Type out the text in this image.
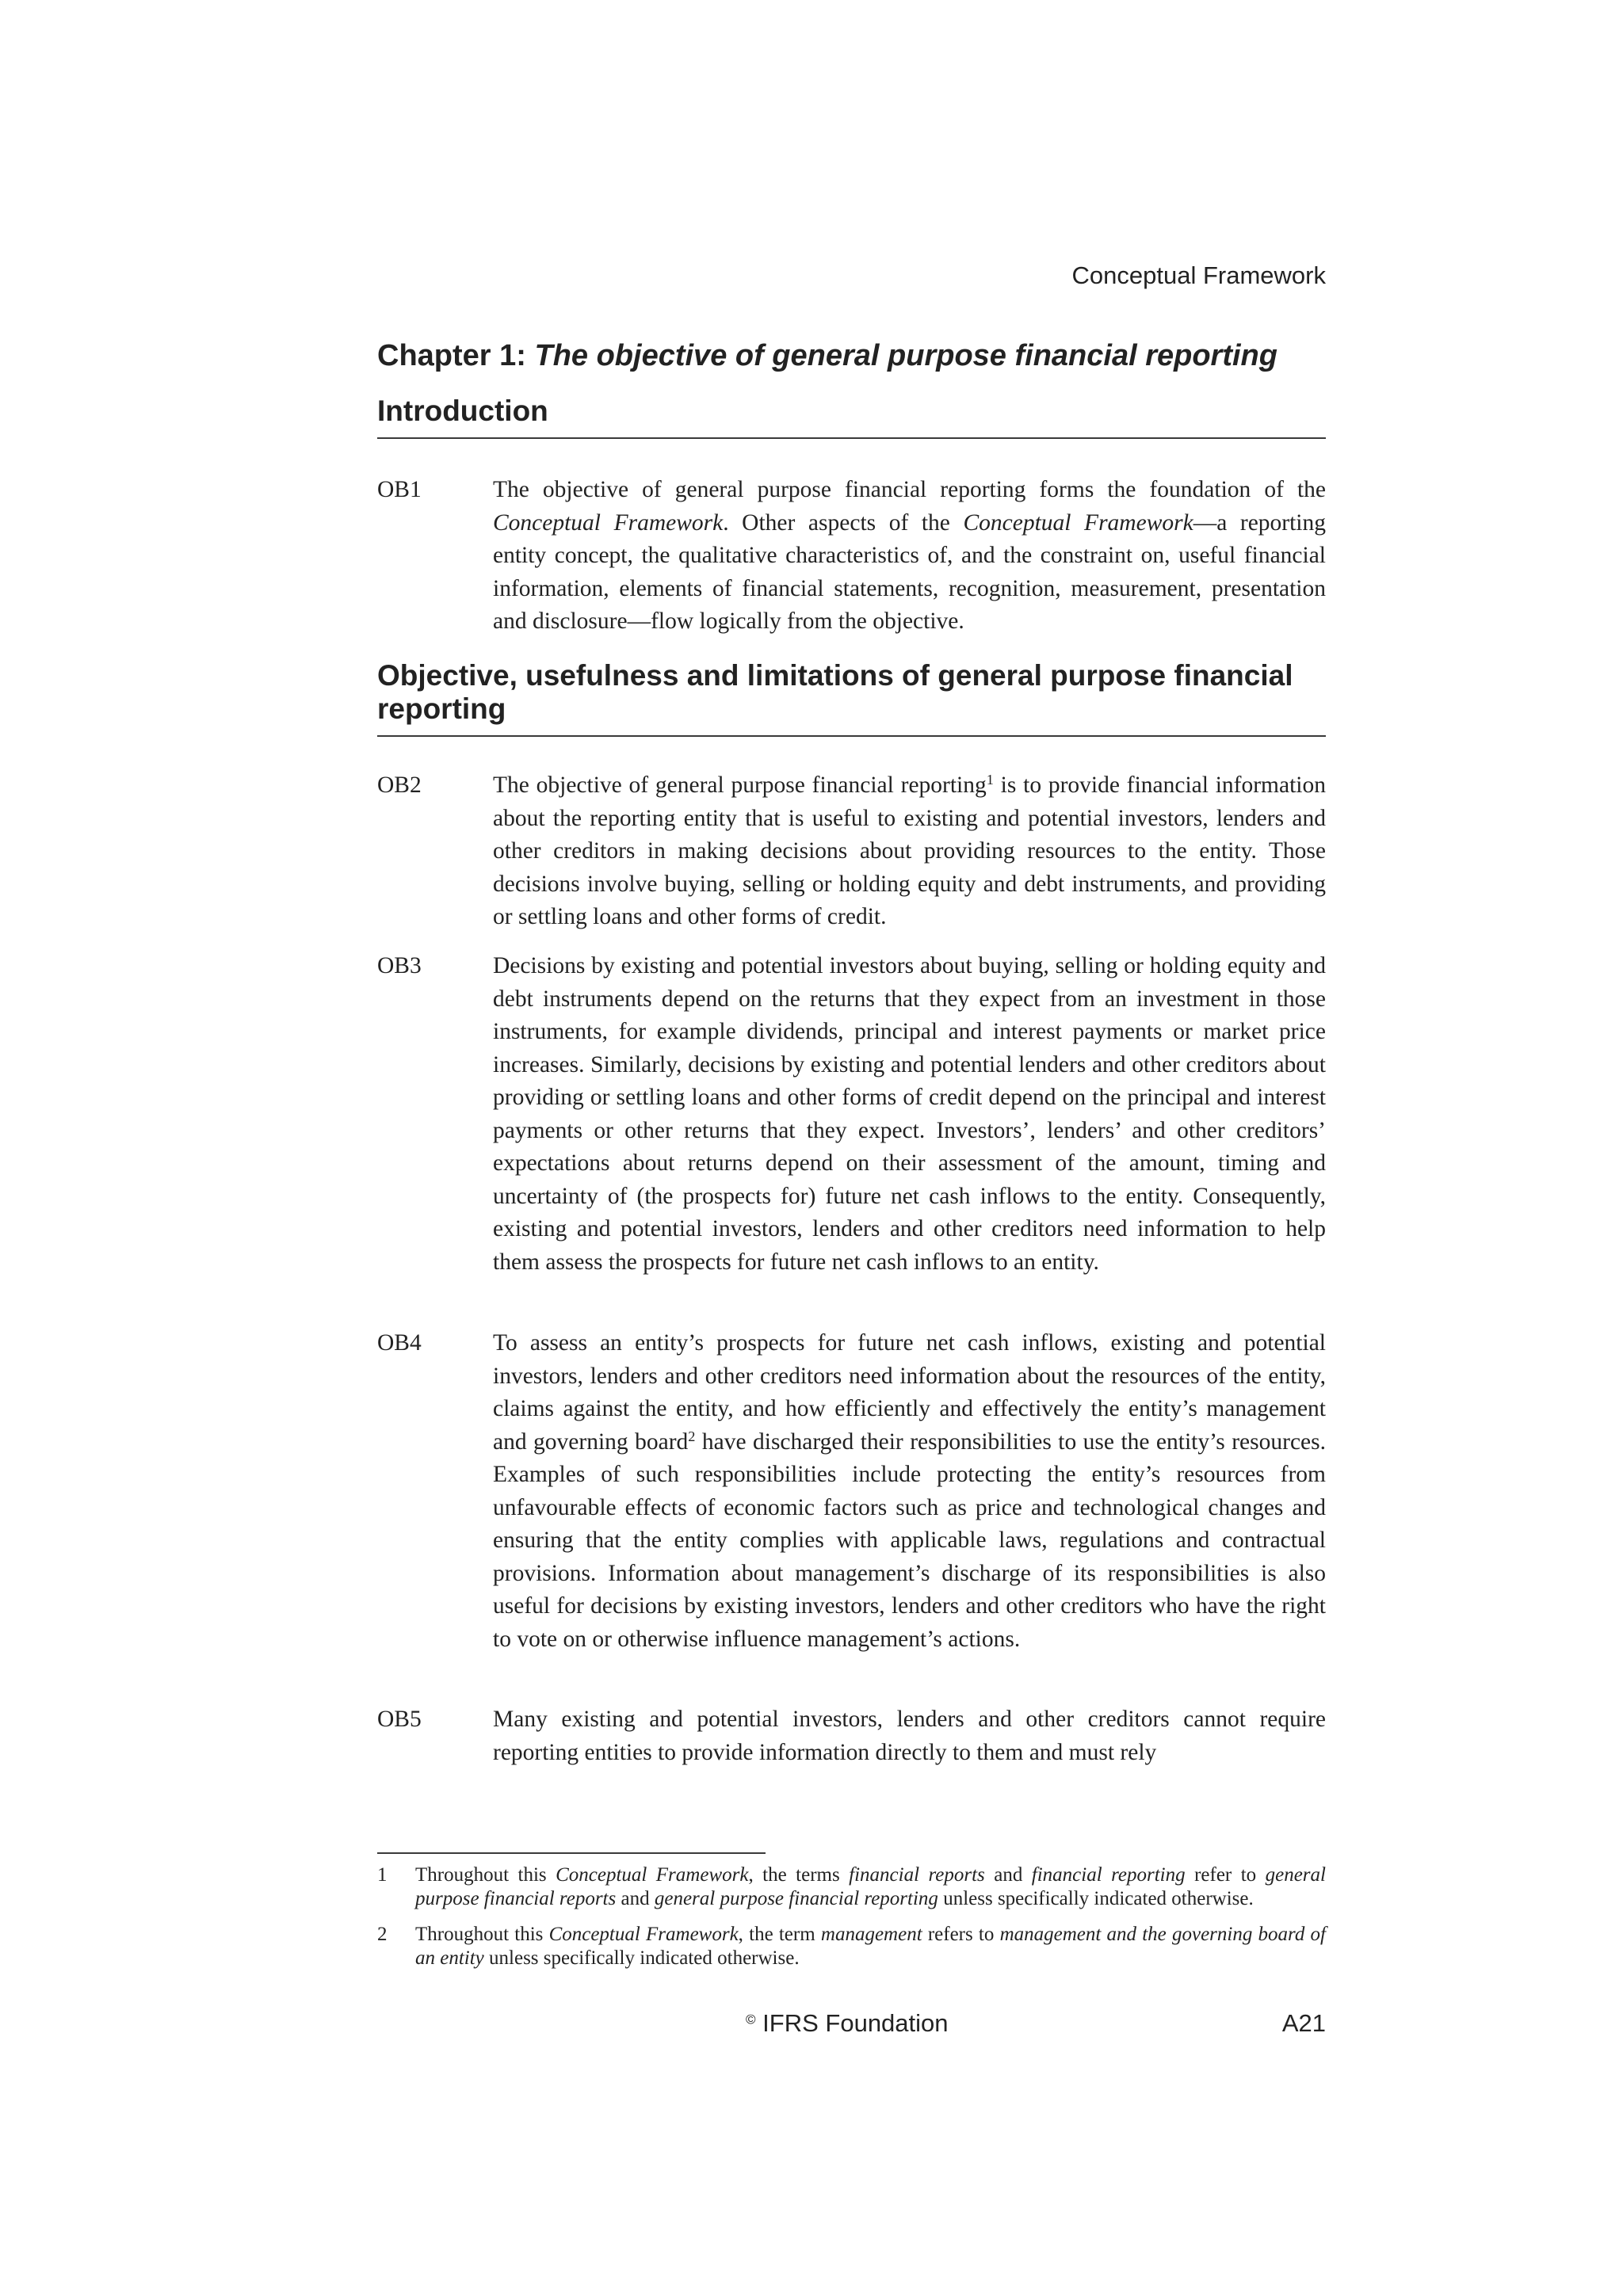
Conceptual Framework
Chapter 1: The objective of general purpose financial reporting
Introduction
OB1	The objective of general purpose financial reporting forms the foundation of the Conceptual Framework. Other aspects of the Conceptual Framework—a reporting entity concept, the qualitative characteristics of, and the constraint on, useful financial information, elements of financial statements, recognition, measurement, presentation and disclosure—flow logically from the objective.
Objective, usefulness and limitations of general purpose financial reporting
OB2	The objective of general purpose financial reporting$^1$ is to provide financial information about the reporting entity that is useful to existing and potential investors, lenders and other creditors in making decisions about providing resources to the entity. Those decisions involve buying, selling or holding equity and debt instruments, and providing or settling loans and other forms of credit.
OB3	Decisions by existing and potential investors about buying, selling or holding equity and debt instruments depend on the returns that they expect from an investment in those instruments, for example dividends, principal and interest payments or market price increases. Similarly, decisions by existing and potential lenders and other creditors about providing or settling loans and other forms of credit depend on the principal and interest payments or other returns that they expect. Investors’, lenders’ and other creditors’ expectations about returns depend on their assessment of the amount, timing and uncertainty of (the prospects for) future net cash inflows to the entity. Consequently, existing and potential investors, lenders and other creditors need information to help them assess the prospects for future net cash inflows to an entity.
OB4	To assess an entity’s prospects for future net cash inflows, existing and potential investors, lenders and other creditors need information about the resources of the entity, claims against the entity, and how efficiently and effectively the entity’s management and governing board$^2$ have discharged their responsibilities to use the entity’s resources. Examples of such responsibilities include protecting the entity’s resources from unfavourable effects of economic factors such as price and technological changes and ensuring that the entity complies with applicable laws, regulations and contractual provisions. Information about management’s discharge of its responsibilities is also useful for decisions by existing investors, lenders and other creditors who have the right to vote on or otherwise influence management’s actions.
OB5	Many existing and potential investors, lenders and other creditors cannot require reporting entities to provide information directly to them and must rely
1 Throughout this Conceptual Framework, the terms financial reports and financial reporting refer to general purpose financial reports and general purpose financial reporting unless specifically indicated otherwise.
2 Throughout this Conceptual Framework, the term management refers to management and the governing board of an entity unless specifically indicated otherwise.
© IFRS Foundation	A21
